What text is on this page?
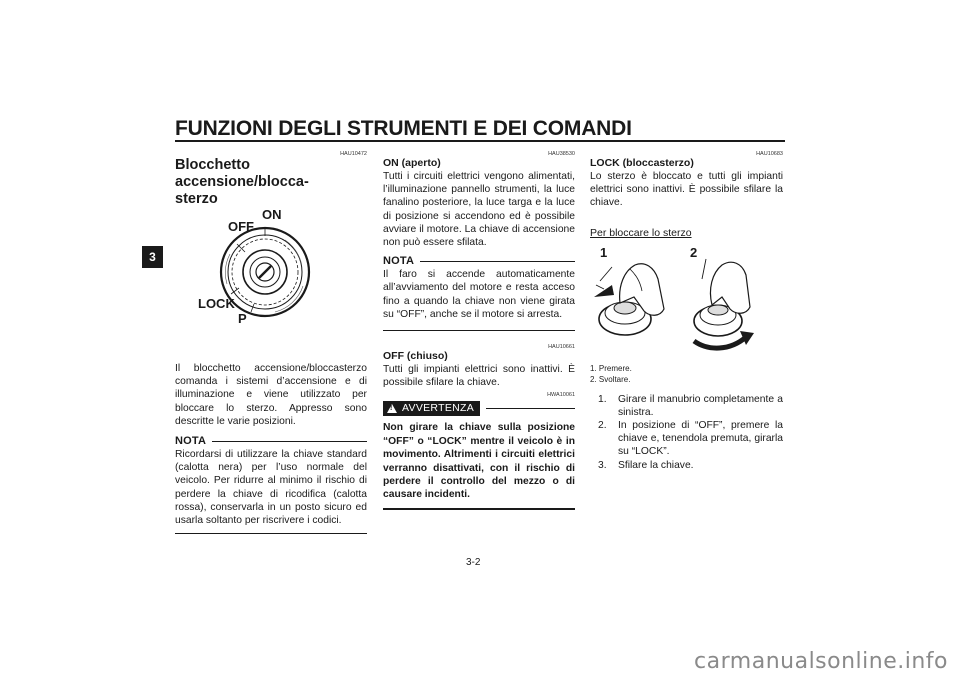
FUNZIONI DEGLI STRUMENTI E DEI COMANDI
3
HAU10472
Blocchetto accensione/blocca-
sterzo
OFF
ON
LOCK
P
Il blocchetto accensione/bloccasterzo comanda i sistemi d’accensione e di illuminazione e viene utilizzato per bloccare lo sterzo. Appresso sono descritte le varie posizioni.
NOTA
Ricordarsi di utilizzare la chiave standard (calotta nera) per l’uso normale del veicolo. Per ridurre al minimo il rischio di perdere la chiave di ricodifica (calotta rossa), conservarla in un posto sicuro ed usarla soltanto per riscrivere i codici.
HAU38530
ON (aperto)
Tutti i circuiti elettrici vengono alimentati, l’illuminazione pannello strumenti, la luce fanalino posteriore, la luce targa e la luce di posizione si accendono ed è possibile avviare il motore. La chiave di accensione non può essere sfilata.
NOTA
Il faro si accende automaticamente all’avviamento del motore e resta acceso fino a quando la chiave non viene girata su “OFF”, anche se il motore si arresta.
HAU10661
OFF (chiuso)
Tutti gli impianti elettrici sono inattivi. È possibile sfilare la chiave.
HWA10061
! AVVERTENZA
Non girare la chiave sulla posizione “OFF” o “LOCK” mentre il veicolo è in movimento. Altrimenti i circuiti elettrici verranno disattivati, con il rischio di perdere il controllo del mezzo o di causare incidenti.
HAU10683
LOCK (bloccasterzo)
Lo sterzo è bloccato e tutti gli impianti elettrici sono inattivi. È possibile sfilare la chiave.
Per bloccare lo sterzo
1	2
1. Premere.
2. Svoltare.
1.	Girare il manubrio completamente a sinistra.
2.	In posizione di “OFF”, premere la chiave e, tenendola premuta, girarla su “LOCK”.
3.	Sfilare la chiave.
3-2
carmanualsonline.info
